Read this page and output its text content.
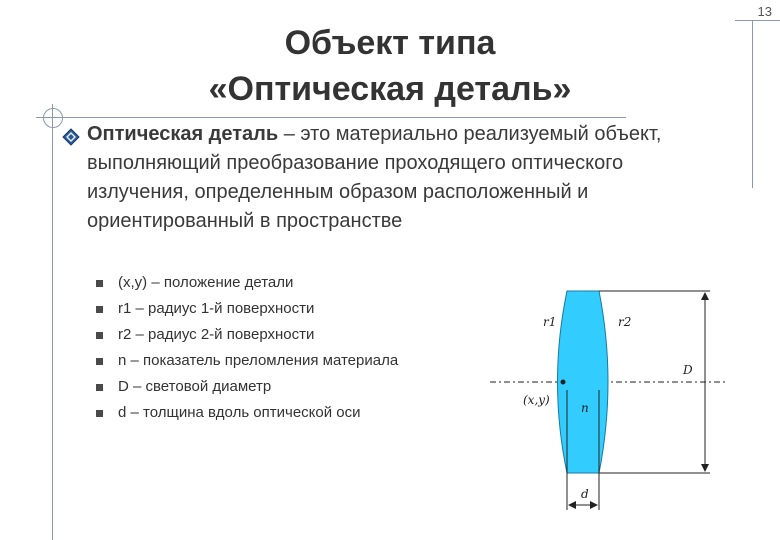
13
Объект типа
«Оптическая деталь»
Оптическая деталь – это материально реализуемый объект, выполняющий преобразование проходящего оптического излучения, определенным образом расположенный и ориентированный в пространстве
(x,y) – положение детали
r1 – радиус 1-й поверхности
r2 – радиус 2-й поверхности
n – показатель преломления материала
D – световой диаметр
d – толщина вдоль оптической оси
r1	r2
D
(x,y)
n
d
